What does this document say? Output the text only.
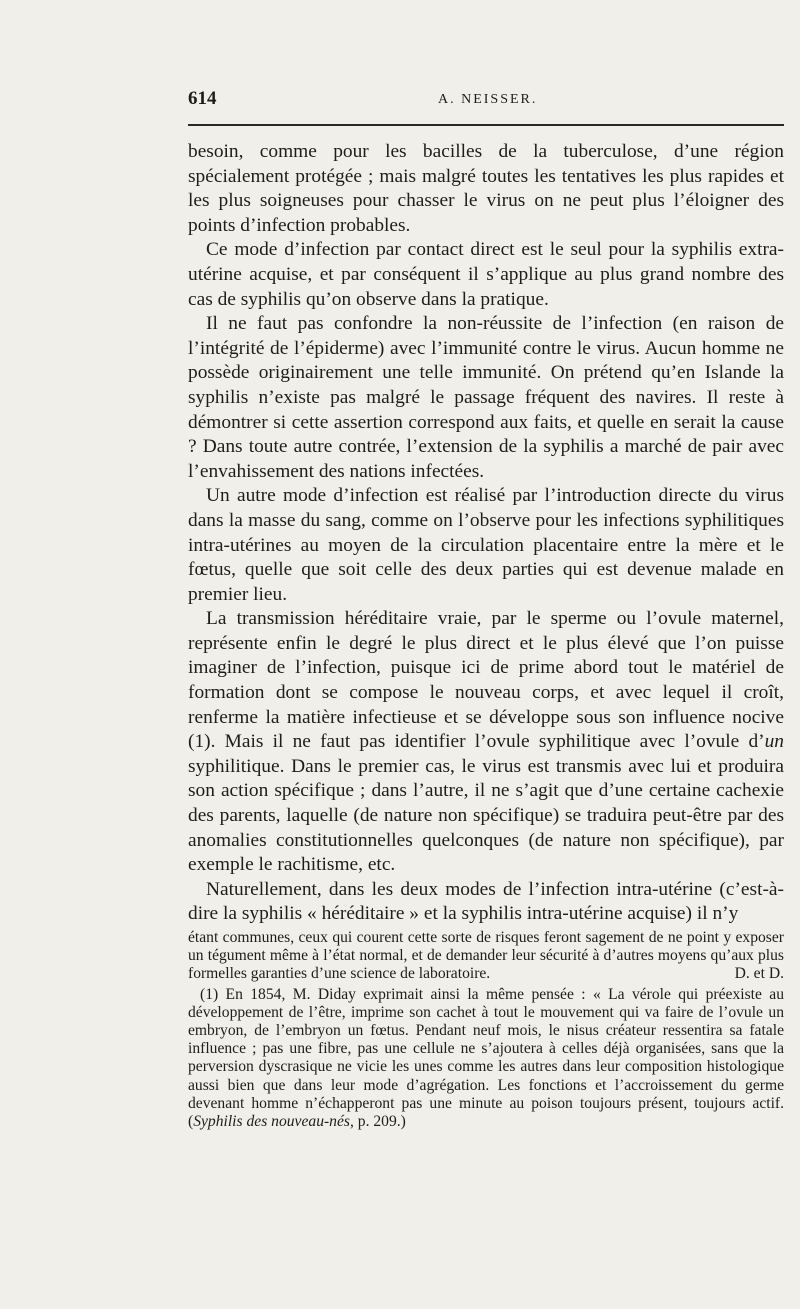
614	A. NEISSER.

besoin, comme pour les bacilles de la tuberculose, d’une région spécialement protégée ; mais malgré toutes les tentatives les plus rapides et les plus soigneuses pour chasser le virus on ne peut plus l’éloigner des points d’infection probables.

Ce mode d’infection par contact direct est le seul pour la syphilis extra-utérine acquise, et par conséquent il s’applique au plus grand nombre des cas de syphilis qu’on observe dans la pratique.

Il ne faut pas confondre la non-réussite de l’infection (en raison de l’intégrité de l’épiderme) avec l’immunité contre le virus. Aucun homme ne possède originairement une telle immunité. On prétend qu’en Islande la syphilis n’existe pas malgré le passage fréquent des navires. Il reste à démontrer si cette assertion correspond aux faits, et quelle en serait la cause ? Dans toute autre contrée, l’extension de la syphilis a marché de pair avec l’envahissement des nations infectées.

Un autre mode d’infection est réalisé par l’introduction directe du virus dans la masse du sang, comme on l’observe pour les infections syphilitiques intra-utérines au moyen de la circulation placentaire entre la mère et le fœtus, quelle que soit celle des deux parties qui est devenue malade en premier lieu.

La transmission héréditaire vraie, par le sperme ou l’ovule maternel, représente enfin le degré le plus direct et le plus élevé que l’on puisse imaginer de l’infection, puisque ici de prime abord tout le matériel de formation dont se compose le nouveau corps, et avec lequel il croît, renferme la matière infectieuse et se développe sous son influence nocive (1). Mais il ne faut pas identifier l’ovule syphilitique avec l’ovule d’un syphilitique. Dans le premier cas, le virus est transmis avec lui et produira son action spécifique ; dans l’autre, il ne s’agit que d’une certaine cachexie des parents, laquelle (de nature non spécifique) se traduira peut-être par des anomalies constitutionnelles quelconques (de nature non spécifique), par exemple le rachitisme, etc.

Naturellement, dans les deux modes de l’infection intra-utérine (c’est-à-dire la syphilis « héréditaire » et la syphilis intra-utérine acquise) il n’y

étant communes, ceux qui courent cette sorte de risques feront sagement de ne point y exposer un tégument même à l’état normal, et de demander leur sécurité à d’autres moyens qu’aux plus formelles garanties d’une science de laboratoire.	D. et D.

(1) En 1854, M. Diday exprimait ainsi la même pensée : « La vérole qui préexiste au développement de l’être, imprime son cachet à tout le mouvement qui va faire de l’ovule un embryon, de l’embryon un fœtus. Pendant neuf mois, le nisus créateur ressentira sa fatale influence ; pas une fibre, pas une cellule ne s’ajoutera à celles déjà organisées, sans que la perversion dyscrasique ne vicie les unes comme les autres dans leur composition histologique aussi bien que dans leur mode d’agrégation. Les fonctions et l’accroissement du germe devenant homme n’échapperont pas une minute au poison toujours présent, toujours actif. (Syphilis des nouveau-nés, p. 209.)
